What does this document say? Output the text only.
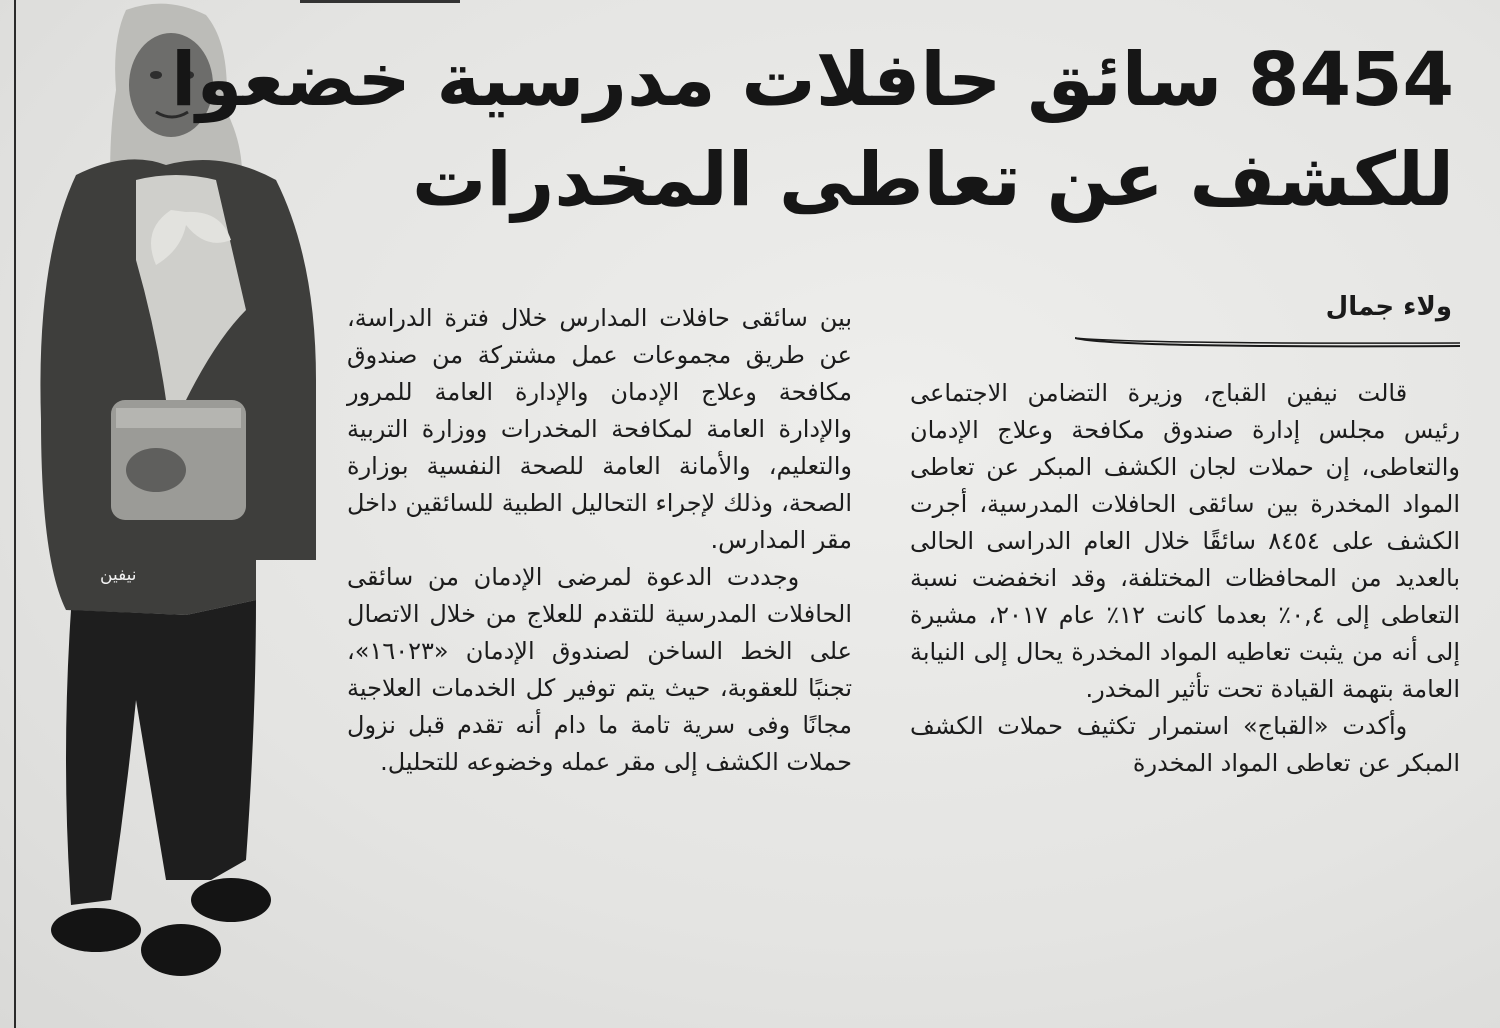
نيفين
8454 سائق حافلات مدرسية خضعوا
للكشف عن تعاطى المخدرات
ولاء جمال

قالت نيفين القباج، وزيرة التضامن الاجتماعى رئيس مجلس إدارة صندوق مكافحة وعلاج الإدمان والتعاطى، إن حملات لجان الكشف المبكر عن تعاطى المواد المخدرة بين سائقى الحافلات المدرسية، أجرت الكشف على ٨٤٥٤ سائقًا خلال العام الدراسى الحالى بالعديد من المحافظات المختلفة، وقد انخفضت نسبة التعاطى إلى ٠,٤٪ بعدما كانت ١٢٪ عام ٢٠١٧، مشيرة إلى أنه من يثبت تعاطيه المواد المخدرة يحال إلى النيابة العامة بتهمة القيادة تحت تأثير المخدر.

وأكدت «القباج» استمرار تكثيف حملات الكشف المبكر عن تعاطى المواد المخدرة

بين سائقى حافلات المدارس خلال فترة الدراسة، عن طريق مجموعات عمل مشتركة من صندوق مكافحة وعلاج الإدمان والإدارة العامة للمرور والإدارة العامة لمكافحة المخدرات ووزارة التربية والتعليم، والأمانة العامة للصحة النفسية بوزارة الصحة، وذلك لإجراء التحاليل الطبية للسائقين داخل مقر المدارس.

وجددت الدعوة لمرضى الإدمان من سائقى الحافلات المدرسية للتقدم للعلاج من خلال الاتصال على الخط الساخن لصندوق الإدمان «١٦٠٢٣»، تجنبًا للعقوبة، حيث يتم توفير كل الخدمات العلاجية مجانًا وفى سرية تامة ما دام أنه تقدم قبل نزول حملات الكشف إلى مقر عمله وخضوعه للتحليل.
